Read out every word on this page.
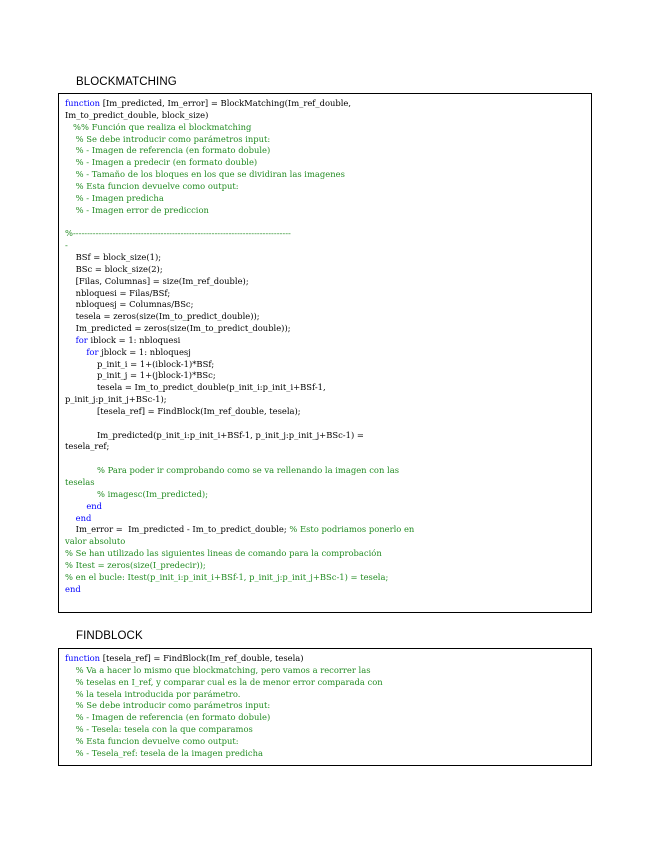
BLOCKMATCHING
function [Im_predicted, Im_error] = BlockMatching(Im_ref_double,
Im_to_predict_double, block_size)
%% Función que realiza el blockmatching
% Se debe introducir como parámetros input:
% - Imagen de referencia (en formato dobule)
% - Imagen a predecir (en formato double)
% - Tamaño de los bloques en los que se dividiran las imagenes
% Esta funcion devuelve como output:
% - Imagen predicha
% - Imagen error de prediccion
%-----------------------------------------------------------------------------
-
BSf = block_size(1);
BSc = block_size(2);
[Filas, Columnas] = size(Im_ref_double);
nbloquesi = Filas/BSf;
nbloquesj = Columnas/BSc;
tesela = zeros(size(Im_to_predict_double));
Im_predicted = zeros(size(Im_to_predict_double));
for iblock = 1: nbloquesi
for jblock = 1: nbloquesj
p_init_i = 1+(iblock-1)*BSf;
p_init_j = 1+(jblock-1)*BSc;
tesela = Im_to_predict_double(p_init_i:p_init_i+BSf-1,
p_init_j:p_init_j+BSc-1);
[tesela_ref] = FindBlock(Im_ref_double, tesela);
Im_predicted(p_init_i:p_init_i+BSf-1, p_init_j:p_init_j+BSc-1) =
tesela_ref;
% Para poder ir comprobando como se va rellenando la imagen con las
teselas
% imagesc(Im_predicted);
end
end
Im_error =  Im_predicted - Im_to_predict_double; % Esto podriamos ponerlo en
valor absoluto
% Se han utilizado las siguientes lineas de comando para la comprobación
% Itest = zeros(size(I_predecir));
% en el bucle: Itest(p_init_i:p_init_i+BSf-1, p_init_j:p_init_j+BSc-1) = tesela;
end
FINDBLOCK
function [tesela_ref] = FindBlock(Im_ref_double, tesela)
% Va a hacer lo mismo que blockmatching, pero vamos a recorrer las
% teselas en I_ref, y comparar cual es la de menor error comparada con
% la tesela introducida por parámetro.
% Se debe introducir como parámetros input:
% - Imagen de referencia (en formato dobule)
% - Tesela: tesela con la que comparamos
% Esta funcion devuelve como output:
% - Tesela_ref: tesela de la imagen predicha
